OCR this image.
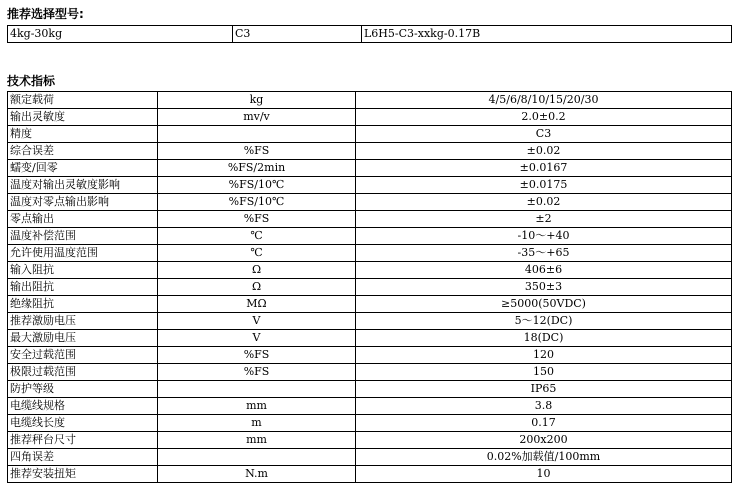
推荐选择型号:
4kg-30kg	C3	L6H5-C3-xxkg-0.17B
技术指标
额定载荷	kg	4/5/6/8/10/15/20/30
输出灵敏度	mv/v	2.0±0.2
精度		C3
综合误差	%FS	±0.02
蠕变/回零	%FS/2min	±0.0167
温度对输出灵敏度影响	%FS/10℃	±0.0175
温度对零点输出影响	%FS/10℃	±0.02
零点输出	%FS	±2
温度补偿范围	℃	-10～+40
允许使用温度范围	℃	-35～+65
输入阻抗	Ω	406±6
输出阻抗	Ω	350±3
绝缘阻抗	MΩ	≥5000(50VDC)
推荐激励电压	V	5～12(DC)
最大激励电压	V	18(DC)
安全过载范围	%FS	120
极限过载范围	%FS	150
防护等级		IP65
电缆线规格	mm	3.8
电缆线长度	m	0.17
推荐秤台尺寸	mm	200x200
四角误差		0.02%加载值/100mm
推荐安装扭矩	N.m	10
